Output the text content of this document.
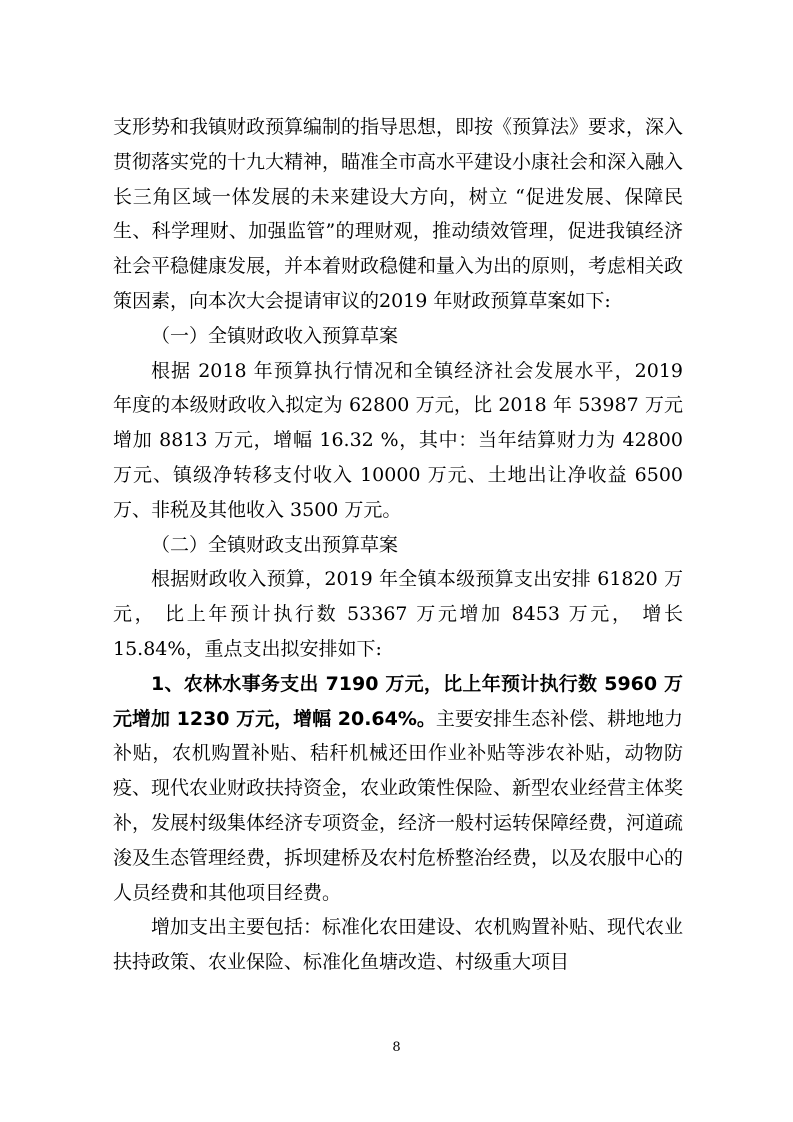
支形势和我镇财政预算编制的指导思想，即按《预算法》要求，深入贯彻落实党的十九大精神，瞄准全市高水平建设小康社会和深入融入长三角区域一体发展的未来建设大方向，树立 “促进发展、保障民生、科学理财、加强监管”的理财观，推动绩效管理，促进我镇经济社会平稳健康发展，并本着财政稳健和量入为出的原则，考虑相关政策因素，向本次大会提请审议的2019 年财政预算草案如下:

（一）全镇财政收入预算草案

根据 2018 年预算执行情况和全镇经济社会发展水平，2019 年度的本级财政收入拟定为 62800 万元，比 2018 年 53987 万元增加 8813 万元，增幅 16.32 %，其中：当年结算财力为 42800 万元、镇级净转移支付收入 10000 万元、土地出让净收益 6500 万、非税及其他收入 3500 万元。

（二）全镇财政支出预算草案

根据财政收入预算，2019 年全镇本级预算支出安排 61820 万元， 比上年预计执行数 53367 万元增加 8453 万元， 增长 15.84%，重点支出拟安排如下:

1、农林水事务支出 7190 万元，比上年预计执行数 5960 万元增加 1230 万元，增幅 20.64%。主要安排生态补偿、耕地地力补贴，农机购置补贴、秸秆机械还田作业补贴等涉农补贴，动物防疫、现代农业财政扶持资金，农业政策性保险、新型农业经营主体奖补，发展村级集体经济专项资金，经济一般村运转保障经费，河道疏浚及生态管理经费，拆坝建桥及农村危桥整治经费，以及农服中心的人员经费和其他项目经费。

增加支出主要包括：标准化农田建设、农机购置补贴、现代农业扶持政策、农业保险、标准化鱼塘改造、村级重大项目

8
